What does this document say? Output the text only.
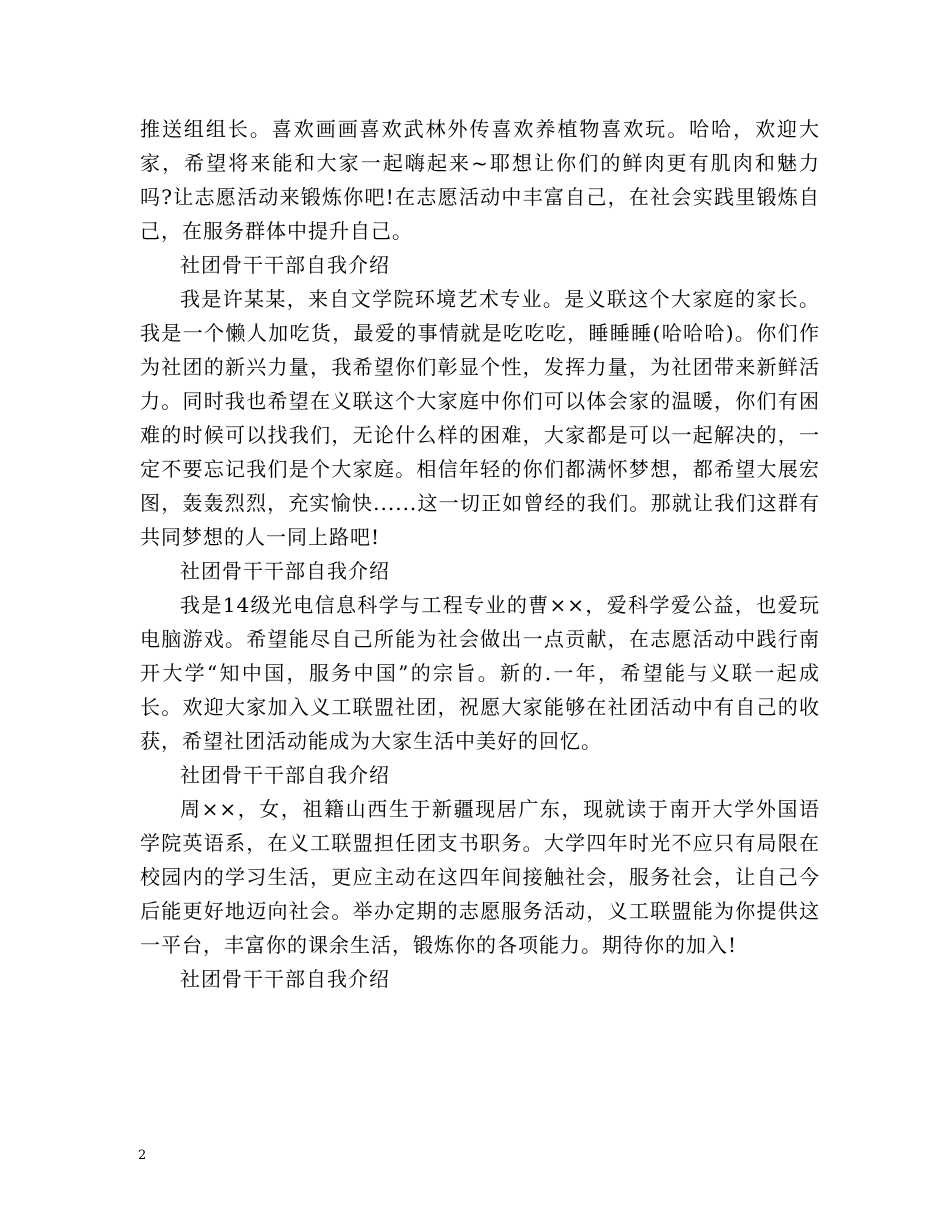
推送组组长。喜欢画画喜欢武林外传喜欢养植物喜欢玩。哈哈，欢迎大家，希望将来能和大家一起嗨起来~耶想让你们的鲜肉更有肌肉和魅力吗?让志愿活动来锻炼你吧!在志愿活动中丰富自己，在社会实践里锻炼自己，在服务群体中提升自己。

社团骨干干部自我介绍

我是许某某，来自文学院环境艺术专业。是义联这个大家庭的家长。我是一个懒人加吃货，最爱的事情就是吃吃吃，睡睡睡(哈哈哈)。你们作为社团的新兴力量，我希望你们彰显个性，发挥力量，为社团带来新鲜活力。同时我也希望在义联这个大家庭中你们可以体会家的温暖，你们有困难的时候可以找我们，无论什么样的困难，大家都是可以一起解决的，一定不要忘记我们是个大家庭。相信年轻的你们都满怀梦想，都希望大展宏图，轰轰烈烈，充实愉快......这一切正如曾经的我们。那就让我们这群有共同梦想的人一同上路吧!

社团骨干干部自我介绍

我是14级光电信息科学与工程专业的曹××，爱科学爱公益，也爱玩电脑游戏。希望能尽自己所能为社会做出一点贡献，在志愿活动中践行南开大学“知中国，服务中国”的宗旨。新的.一年，希望能与义联一起成长。欢迎大家加入义工联盟社团，祝愿大家能够在社团活动中有自己的收获，希望社团活动能成为大家生活中美好的回忆。

社团骨干干部自我介绍

周××，女，祖籍山西生于新疆现居广东，现就读于南开大学外国语学院英语系，在义工联盟担任团支书职务。大学四年时光不应只有局限在校园内的学习生活，更应主动在这四年间接触社会，服务社会，让自己今后能更好地迈向社会。举办定期的志愿服务活动，义工联盟能为你提供这一平台，丰富你的课余生活，锻炼你的各项能力。期待你的加入!

社团骨干干部自我介绍

2
